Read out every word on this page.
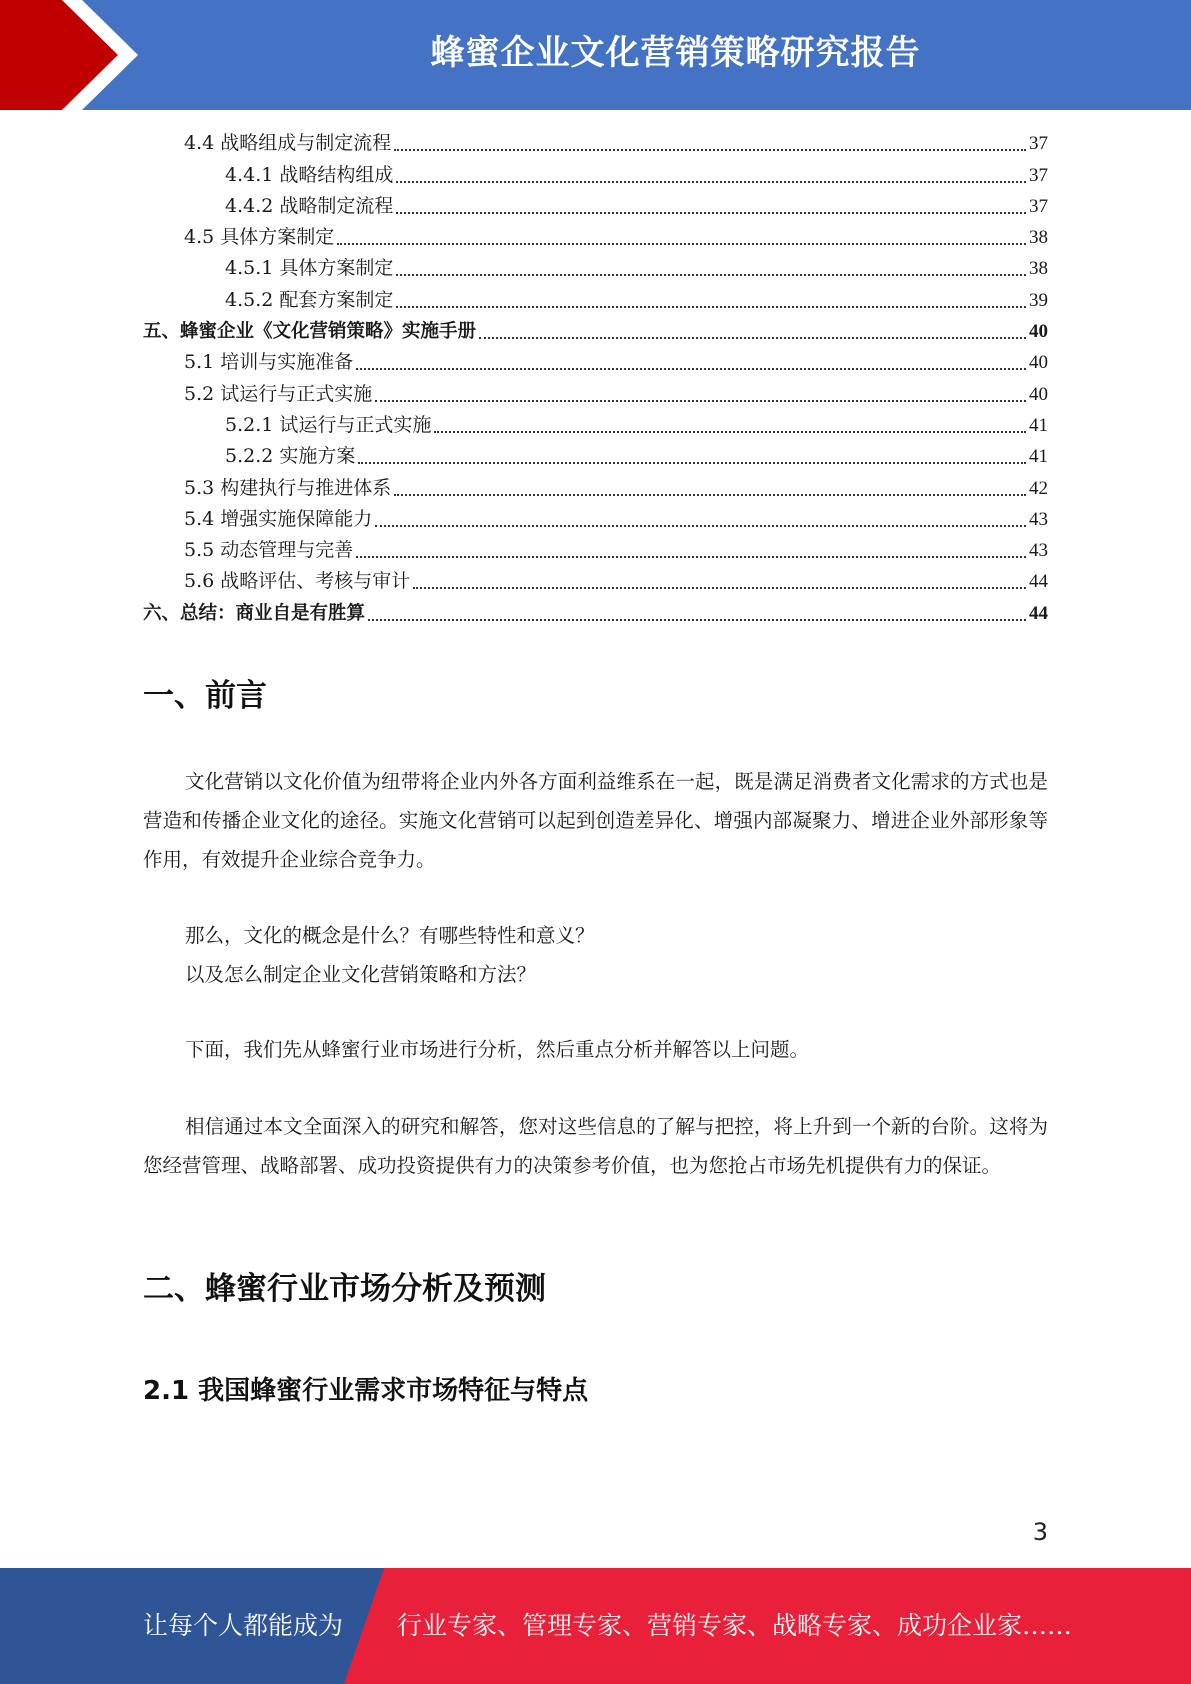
蜂蜜企业文化营销策略研究报告
4.4 战略组成与制定流程	37
4.4.1 战略结构组成	37
4.4.2 战略制定流程	37
4.5 具体方案制定	38
4.5.1 具体方案制定	38
4.5.2 配套方案制定	39
五、蜂蜜企业《文化营销策略》实施手册	40
5.1 培训与实施准备	40
5.2 试运行与正式实施	40
5.2.1 试运行与正式实施	41
5.2.2 实施方案	41
5.3 构建执行与推进体系	42
5.4 增强实施保障能力	43
5.5 动态管理与完善	43
5.6 战略评估、考核与审计	44
六、总结：商业自是有胜算	44
一、前言
文化营销以文化价值为纽带将企业内外各方面利益维系在一起，既是满足消费者文化需求的方式也是营造和传播企业文化的途径。实施文化营销可以起到创造差异化、增强内部凝聚力、增进企业外部形象等作用，有效提升企业综合竞争力。
那么，文化的概念是什么？有哪些特性和意义？
以及怎么制定企业文化营销策略和方法？
下面，我们先从蜂蜜行业市场进行分析，然后重点分析并解答以上问题。
相信通过本文全面深入的研究和解答，您对这些信息的了解与把控，将上升到一个新的台阶。这将为您经营管理、战略部署、成功投资提供有力的决策参考价值，也为您抢占市场先机提供有力的保证。
二、蜂蜜行业市场分析及预测
2.1 我国蜂蜜行业需求市场特征与特点
3
让每个人都能成为 行业专家、管理专家、营销专家、战略专家、成功企业家……
